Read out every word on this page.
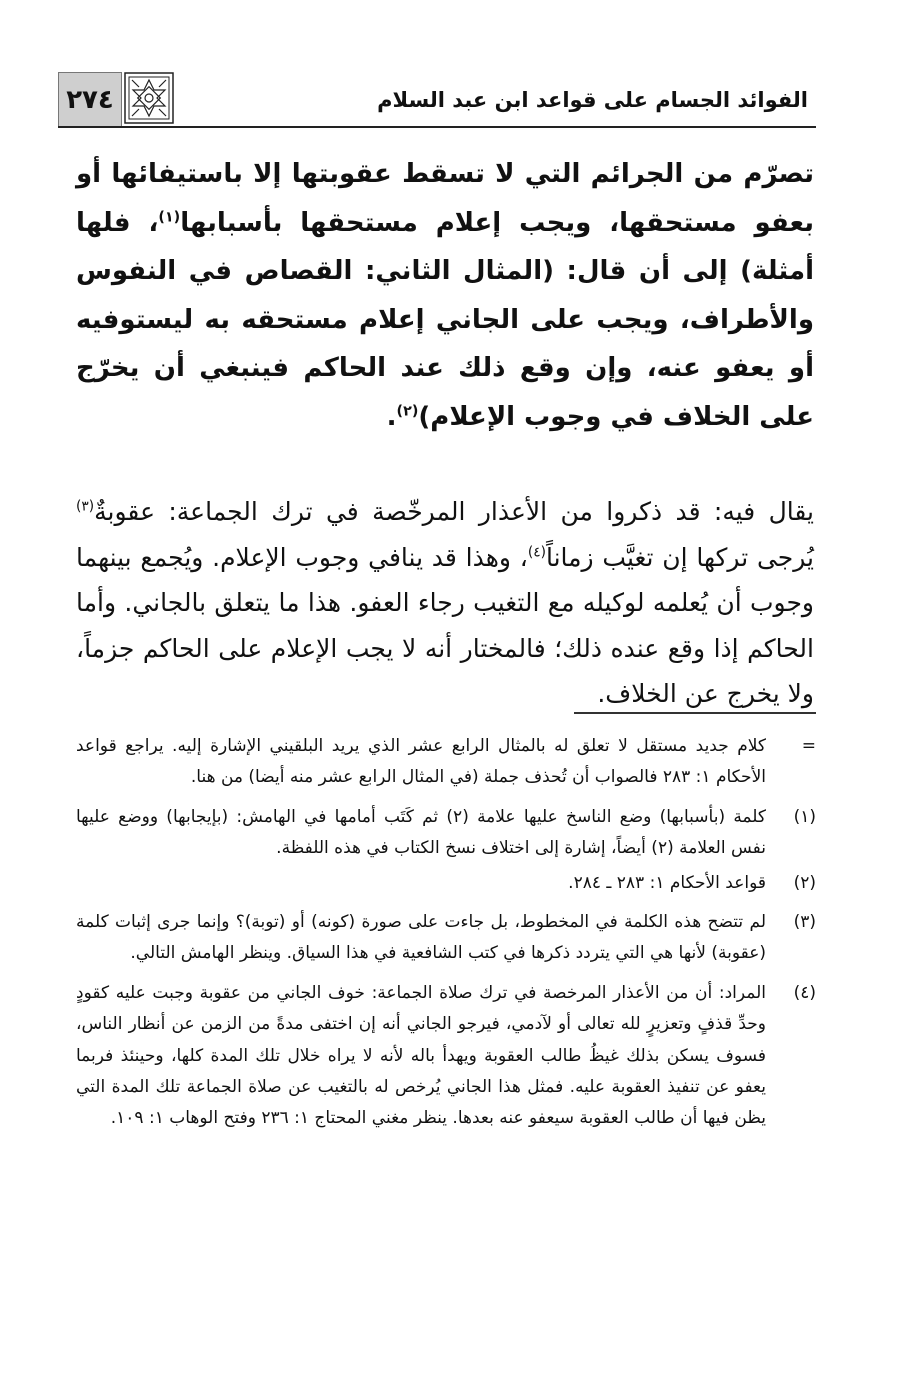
٢٧٤	الفوائد الجسام على قواعد ابن عبد السلام

تصرّم من الجرائم التي لا تسقط عقوبتها إلا باستيفائها أو بعفو مستحقها، ويجب إعلام مستحقها بأسبابها$^{(١)}$، فلها أمثلة) إلى أن قال: (المثال الثاني: القصاص في النفوس والأطراف، ويجب على الجاني إعلام مستحقه به ليستوفيه أو يعفو عنه، وإن وقع ذلك عند الحاكم فينبغي أن يخرّج على الخلاف في وجوب الإعلام)$^{(٢)}$.

يقال فيه: قد ذكروا من الأعذار المرخّصة في ترك الجماعة: عقوبةٌ$^{(٣)}$ يُرجى تركها إن تغيَّب زماناً$^{(٤)}$، وهذا قد ينافي وجوب الإعلام. ويُجمع بينهما وجوب أن يُعلمه لوكيله مع التغيب رجاء العفو. هذا ما يتعلق بالجاني. وأما الحاكم إذا وقع عنده ذلك؛ فالمختار أنه لا يجب الإعلام على الحاكم جزماً، ولا يخرج عن الخلاف.

=
كلام جديد مستقل لا تعلق له بالمثال الرابع عشر الذي يريد البلقيني الإشارة إليه. يراجع قواعد الأحكام ١: ٢٨٣ فالصواب أن تُحذف جملة (في المثال الرابع عشر منه أيضا) من هنا.
(١)
كلمة (بأسبابها) وضع الناسخ عليها علامة (٢) ثم كَتَب أمامها في الهامش: (بإيجابها) ووضع عليها نفس العلامة (٢) أيضاً، إشارة إلى اختلاف نسخ الكتاب في هذه اللفظة.
(٢)
قواعد الأحكام ١: ٢٨٣ ـ ٢٨٤.
(٣)
لم تتضح هذه الكلمة في المخطوط، بل جاءت على صورة (كونه) أو (توبة)؟ وإنما جرى إثبات كلمة (عقوبة) لأنها هي التي يتردد ذكرها في كتب الشافعية في هذا السياق. وينظر الهامش التالي.
(٤)
المراد: أن من الأعذار المرخصة في ترك صلاة الجماعة: خوف الجاني من عقوبة وجبت عليه كقودٍ وحدِّ قذفٍ وتعزيرٍ لله تعالى أو لآدمي، فيرجو الجاني أنه إن اختفى مدةً من الزمن عن أنظار الناس، فسوف يسكن بذلك غيظُ طالب العقوبة ويهدأ باله لأنه لا يراه خلال تلك المدة كلها، وحينئذ فربما يعفو عن تنفيذ العقوبة عليه. فمثل هذا الجاني يُرخص له بالتغيب عن صلاة الجماعة تلك المدة التي يظن فيها أن طالب العقوبة سيعفو عنه بعدها. ينظر مغني المحتاج ١: ٢٣٦ وفتح الوهاب ١: ١٠٩.
